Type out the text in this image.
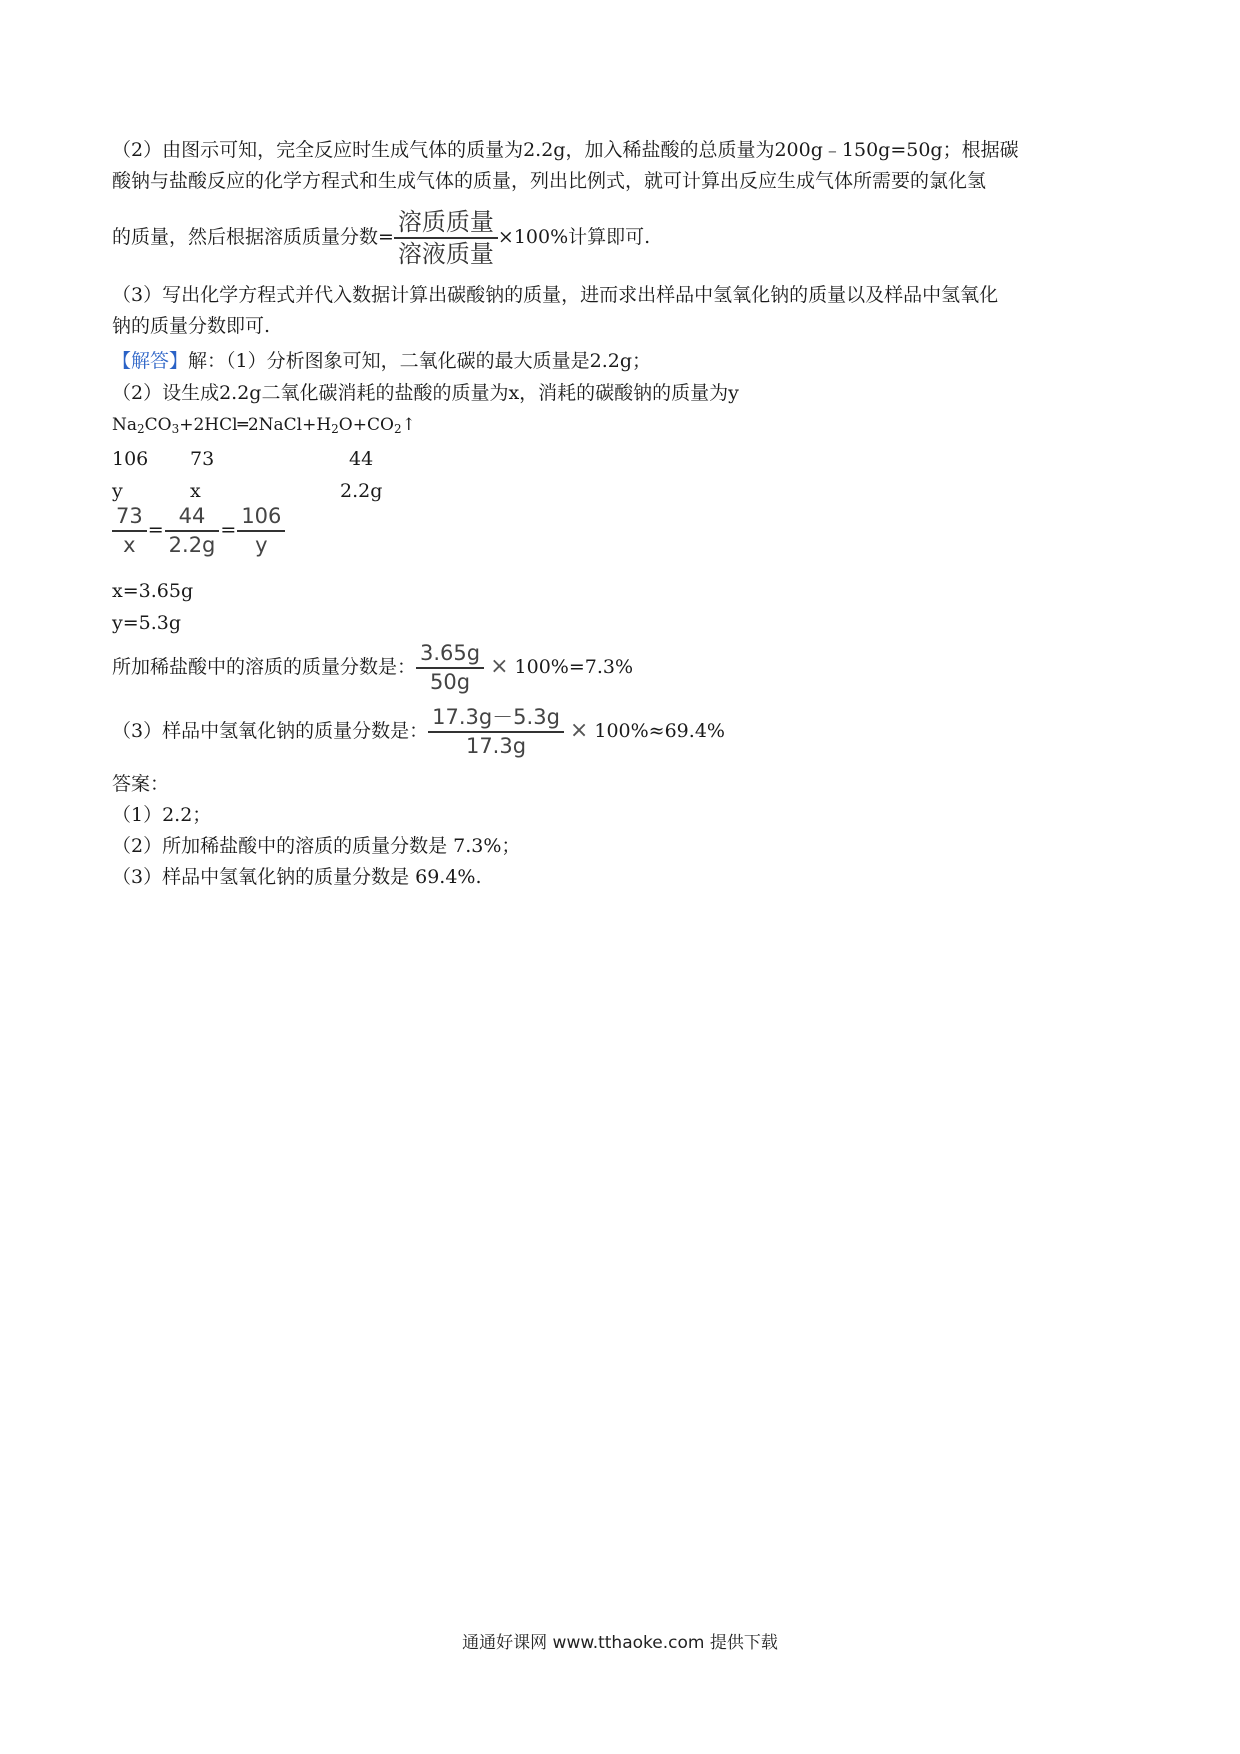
（2）由图示可知，完全反应时生成气体的质量为2.2g，加入稀盐酸的总质量为200g﹣150g=50g；根据碳
酸钠与盐酸反应的化学方程式和生成气体的质量，列出比例式，就可计算出反应生成气体所需要的氯化氢
的质量，然后根据溶质质量分数= $\frac{\text{溶质质量}}{\text{溶液质量}} \times 100\%$计算即可.
（3）写出化学方程式并代入数据计算出碳酸钠的质量，进而求出样品中氢氧化钠的质量以及样品中氢氧化
钠的质量分数即可.
【解答】解：（1）分析图象可知，二氧化碳的最大质量是2.2g；
（2）设生成2.2g二氧化碳消耗的盐酸的质量为x，消耗的碳酸钠的质量为y
$Na_2CO_3+2HCl═2NaCl+H_2O+CO_2↑$
106 73	44
y	x	2.2g
$\frac{73}{x} = \frac{44}{2.2g} = \frac{106}{y}$
x=3.65g
y=5.3g
所加稀盐酸中的溶质的质量分数是： $\frac{3.65g}{50g} \times 100\%=7.3\%$
（3）样品中氢氧化钠的质量分数是： $\frac{17.3g-5.3g}{17.3g} \times 100\%\approx 69.4\%$
答案：
（1）2.2；
（2）所加稀盐酸中的溶质的质量分数是 7.3%；
（3）样品中氢氧化钠的质量分数是 69.4%.
通通好课网 www.tthaoke.com 提供下载
